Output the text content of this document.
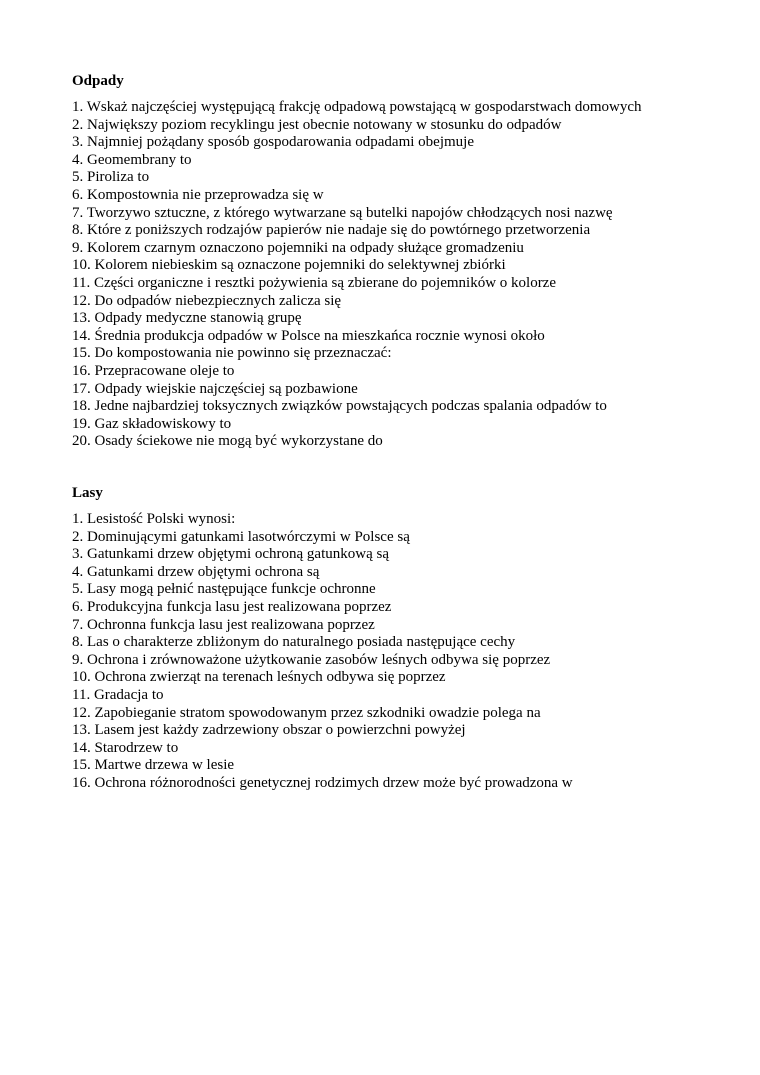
Odpady
1. Wskaż najczęściej występującą frakcję odpadową powstającą w gospodarstwach domowych
2. Największy poziom recyklingu jest obecnie notowany w stosunku do odpadów
3. Najmniej pożądany sposób gospodarowania odpadami obejmuje
4. Geomembrany to
5. Piroliza to
6. Kompostownia nie przeprowadza się w
7. Tworzywo sztuczne, z którego wytwarzane są butelki napojów chłodzących nosi nazwę
8. Które z poniższych rodzajów papierów nie nadaje się do powtórnego przetworzenia
9. Kolorem czarnym oznaczono pojemniki na odpady służące gromadzeniu
10. Kolorem niebieskim są oznaczone pojemniki do selektywnej zbiórki
11. Części organiczne i resztki pożywienia są zbierane do pojemników o kolorze
12. Do odpadów niebezpiecznych zalicza się
13. Odpady medyczne stanowią grupę
14. Średnia produkcja odpadów w Polsce na mieszkańca rocznie wynosi około
15. Do kompostowania nie powinno się przeznaczać:
16. Przepracowane oleje to
17. Odpady wiejskie najczęściej są pozbawione
18. Jedne najbardziej toksycznych związków powstających podczas spalania odpadów to
19. Gaz składowiskowy to
20. Osady ściekowe nie mogą być wykorzystane do
Lasy
1. Lesistość Polski wynosi:
2. Dominującymi gatunkami lasotwórczymi w Polsce są
3. Gatunkami drzew objętymi ochroną gatunkową są
4. Gatunkami drzew objętymi ochrona są
5. Lasy mogą pełnić następujące funkcje ochronne
6. Produkcyjna funkcja lasu jest realizowana poprzez
7. Ochronna funkcja lasu jest realizowana poprzez
8. Las o charakterze zbliżonym do naturalnego posiada następujące cechy
9. Ochrona i zrównoważone użytkowanie zasobów leśnych odbywa się poprzez
10. Ochrona zwierząt na terenach leśnych odbywa się poprzez
11. Gradacja to
12. Zapobieganie stratom spowodowanym przez szkodniki owadzie polega na
13. Lasem jest każdy zadrzewiony obszar o powierzchni powyżej
14. Starodrzew to
15. Martwe drzewa w lesie
16. Ochrona różnorodności genetycznej rodzimych drzew może być prowadzona w
